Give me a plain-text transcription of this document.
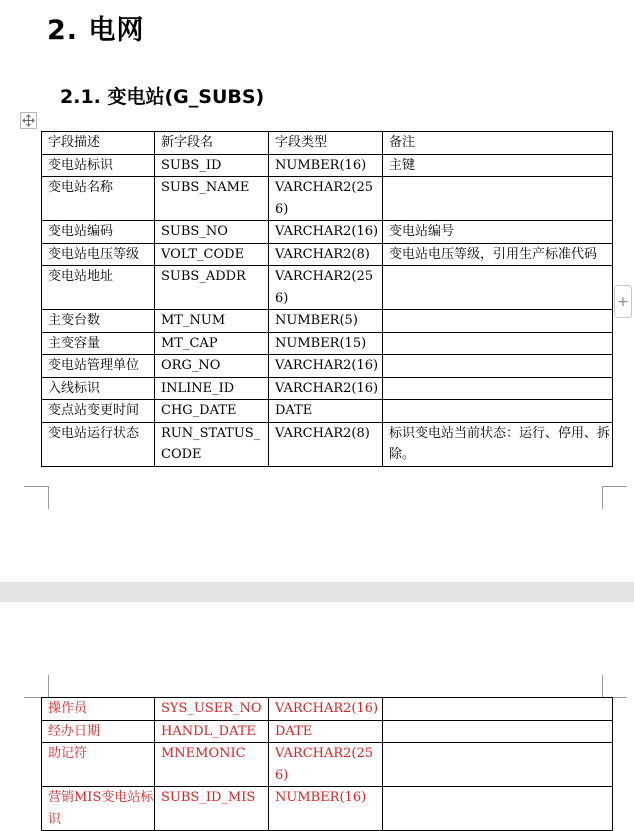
2. 电网
2.1. 变电站(G_SUBS)
字段描述	新字段名	字段类型	备注
变电站标识	SUBS_ID	NUMBER(16)	主键
变电站名称	SUBS_NAME	VARCHAR2(256)	
变电站编码	SUBS_NO	VARCHAR2(16)	变电站编号
变电站电压等级	VOLT_CODE	VARCHAR2(8)	变电站电压等级，引用生产标准代码
变电站地址	SUBS_ADDR	VARCHAR2(256)	
主变台数	MT_NUM	NUMBER(5)	
主变容量	MT_CAP	NUMBER(15)	
变电站管理单位	ORG_NO	VARCHAR2(16)	
入线标识	INLINE_ID	VARCHAR2(16)	
变点站变更时间	CHG_DATE	DATE	
变电站运行状态	RUN_STATUS_CODE	VARCHAR2(8)	标识变电站当前状态：运行、停用、拆除。
+
操作员	SYS_USER_NO	VARCHAR2(16)	
经办日期	HANDL_DATE	DATE	
助记符	MNEMONIC	VARCHAR2(256)	
营销MIS变电站标识	SUBS_ID_MIS	NUMBER(16)	
